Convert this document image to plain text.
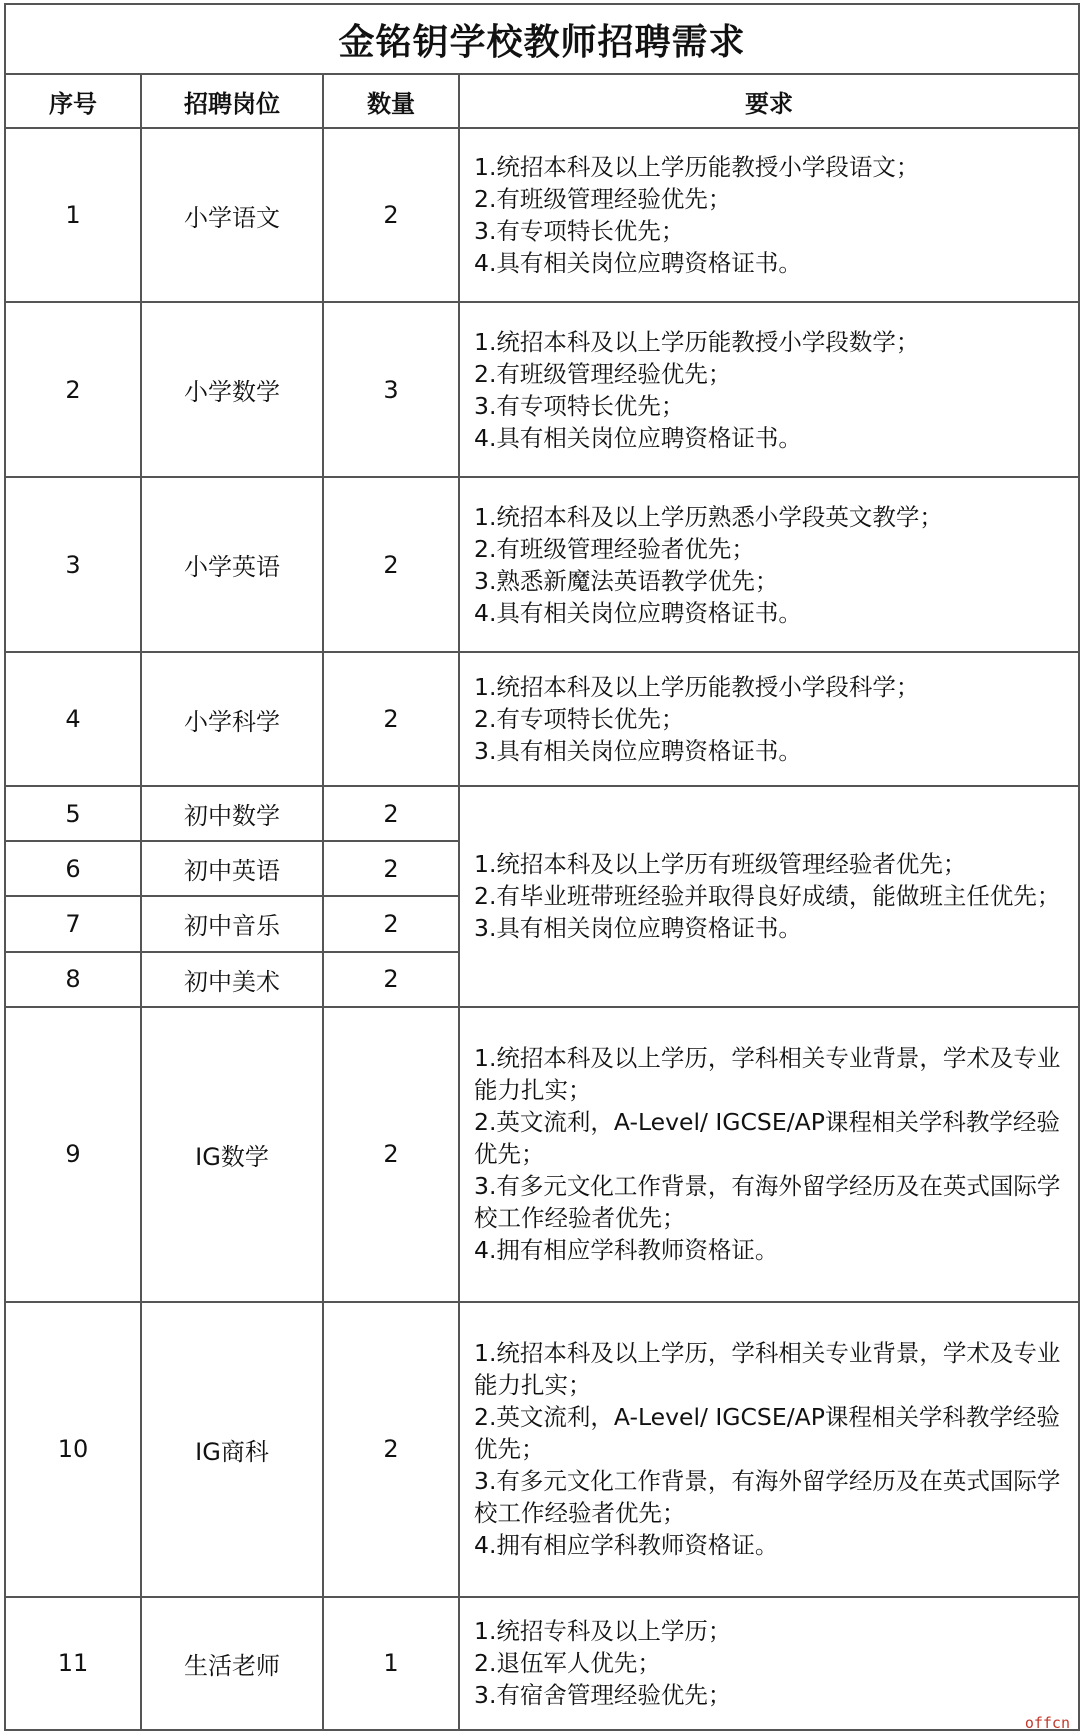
金铭钥学校教师招聘需求			
序号	招聘岗位	数量	要求
1	小学语文	2	1.统招本科及以上学历能教授小学段语文；
2.有班级管理经验优先；
3.有专项特长优先；
4.具有相关岗位应聘资格证书。

2	小学数学	3	1.统招本科及以上学历能教授小学段数学；
2.有班级管理经验优先；
3.有专项特长优先；
4.具有相关岗位应聘资格证书。

3	小学英语	2	1.统招本科及以上学历熟悉小学段英文教学；
2.有班级管理经验者优先；
3.熟悉新魔法英语教学优先；
4.具有相关岗位应聘资格证书。

4	小学科学	2	1.统招本科及以上学历能教授小学段科学；
2.有专项特长优先；
3.具有相关岗位应聘资格证书。

5	初中数学	2	1.统招本科及以上学历有班级管理经验者优先；
2.有毕业班带班经验并取得良好成绩，能做班主任优先；
3.具有相关岗位应聘资格证书。

6	初中英语	2	
7	初中音乐	2	
8	初中美术	2	
9	IG数学	2	1.统招本科及以上学历，学科相关专业背景，学术及专业能力扎实；
2.英文流利，A-Level/ IGCSE/AP课程相关学科教学经验优先；
3.有多元文化工作背景，有海外留学经历及在英式国际学校工作经验者优先；
4.拥有相应学科教师资格证。

10	IG商科	2	1.统招本科及以上学历，学科相关专业背景，学术及专业能力扎实；
2.英文流利，A-Level/ IGCSE/AP课程相关学科教学经验优先；
3.有多元文化工作背景，有海外留学经历及在英式国际学校工作经验者优先；
4.拥有相应学科教师资格证。

11	生活老师	1	1.统招专科及以上学历；
2.退伍军人优先；
3.有宿舍管理经验优先；
offcn
